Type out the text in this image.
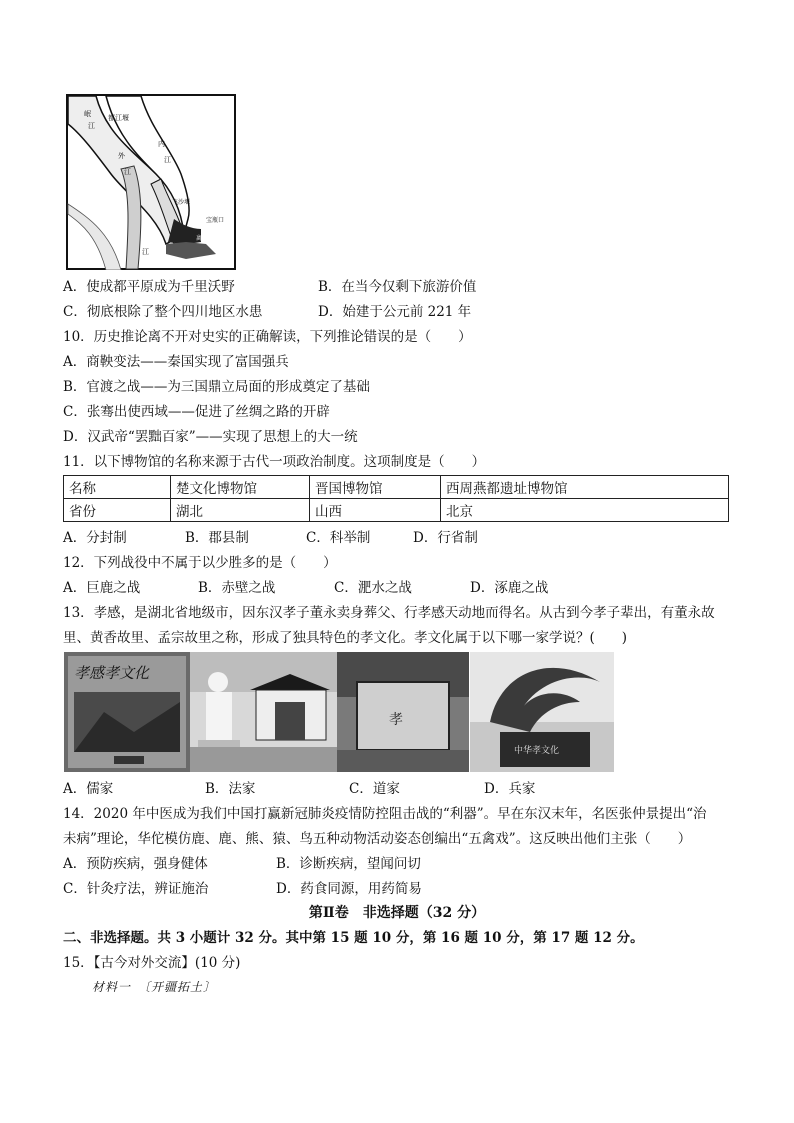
岷
江
都江堰
内
江
外
江
飞沙堰
宝瓶口
离堆
江
A．使成都平原成为千里沃野	B．在当今仅剩下旅游价值
C．彻底根除了整个四川地区水患	D．始建于公元前 221 年
10．历史推论离不开对史实的正确解读，下列推论错误的是（　　）
A．商鞅变法——秦国实现了富国强兵
B．官渡之战——为三国鼎立局面的形成奠定了基础
C．张骞出使西域——促进了丝绸之路的开辟
D．汉武帝“罢黜百家”——实现了思想上的大一统
11．以下博物馆的名称来源于古代一项政治制度。这项制度是（　　）
名称	楚文化博物馆	晋国博物馆	西周燕都遗址博物馆
省份	湖北	山西	北京
A．分封制	B．郡县制	C．科举制	D．行省制
12．下列战役中不属于以少胜多的是（　　）
A．巨鹿之战	B．赤壁之战	C．淝水之战	D．涿鹿之战
13．孝感，是湖北省地级市，因东汉孝子董永卖身葬父、行孝感天动地而得名。从古到今孝子辈出，有董永故
里、黄香故里、孟宗故里之称，形成了独具特色的孝文化。孝文化属于以下哪一家学说？(　　)
孝感孝文化
孝
中华孝文化
A．儒家	B．法家	C．道家	D．兵家
14．2020 年中医成为我们中国打赢新冠肺炎疫情防控阻击战的“利器”。早在东汉末年，名医张仲景提出“治
未病”理论，华佗模仿鹿、鹿、熊、猿、鸟五种动物活动姿态创编出“五禽戏”。这反映出他们主张（　　）
A．预防疾病，强身健体	B．诊断疾病，望闻问切
C．针灸疗法，辨证施治	D．药食同源，用药简易
第Ⅱ卷　非选择题（32 分）
二、非选择题。共 3 小题计 32 分。其中第 15 题 10 分，第 16 题 10 分，第 17 题 12 分。
15．【古今对外交流】(10 分)
材料一　〔开疆拓土〕
